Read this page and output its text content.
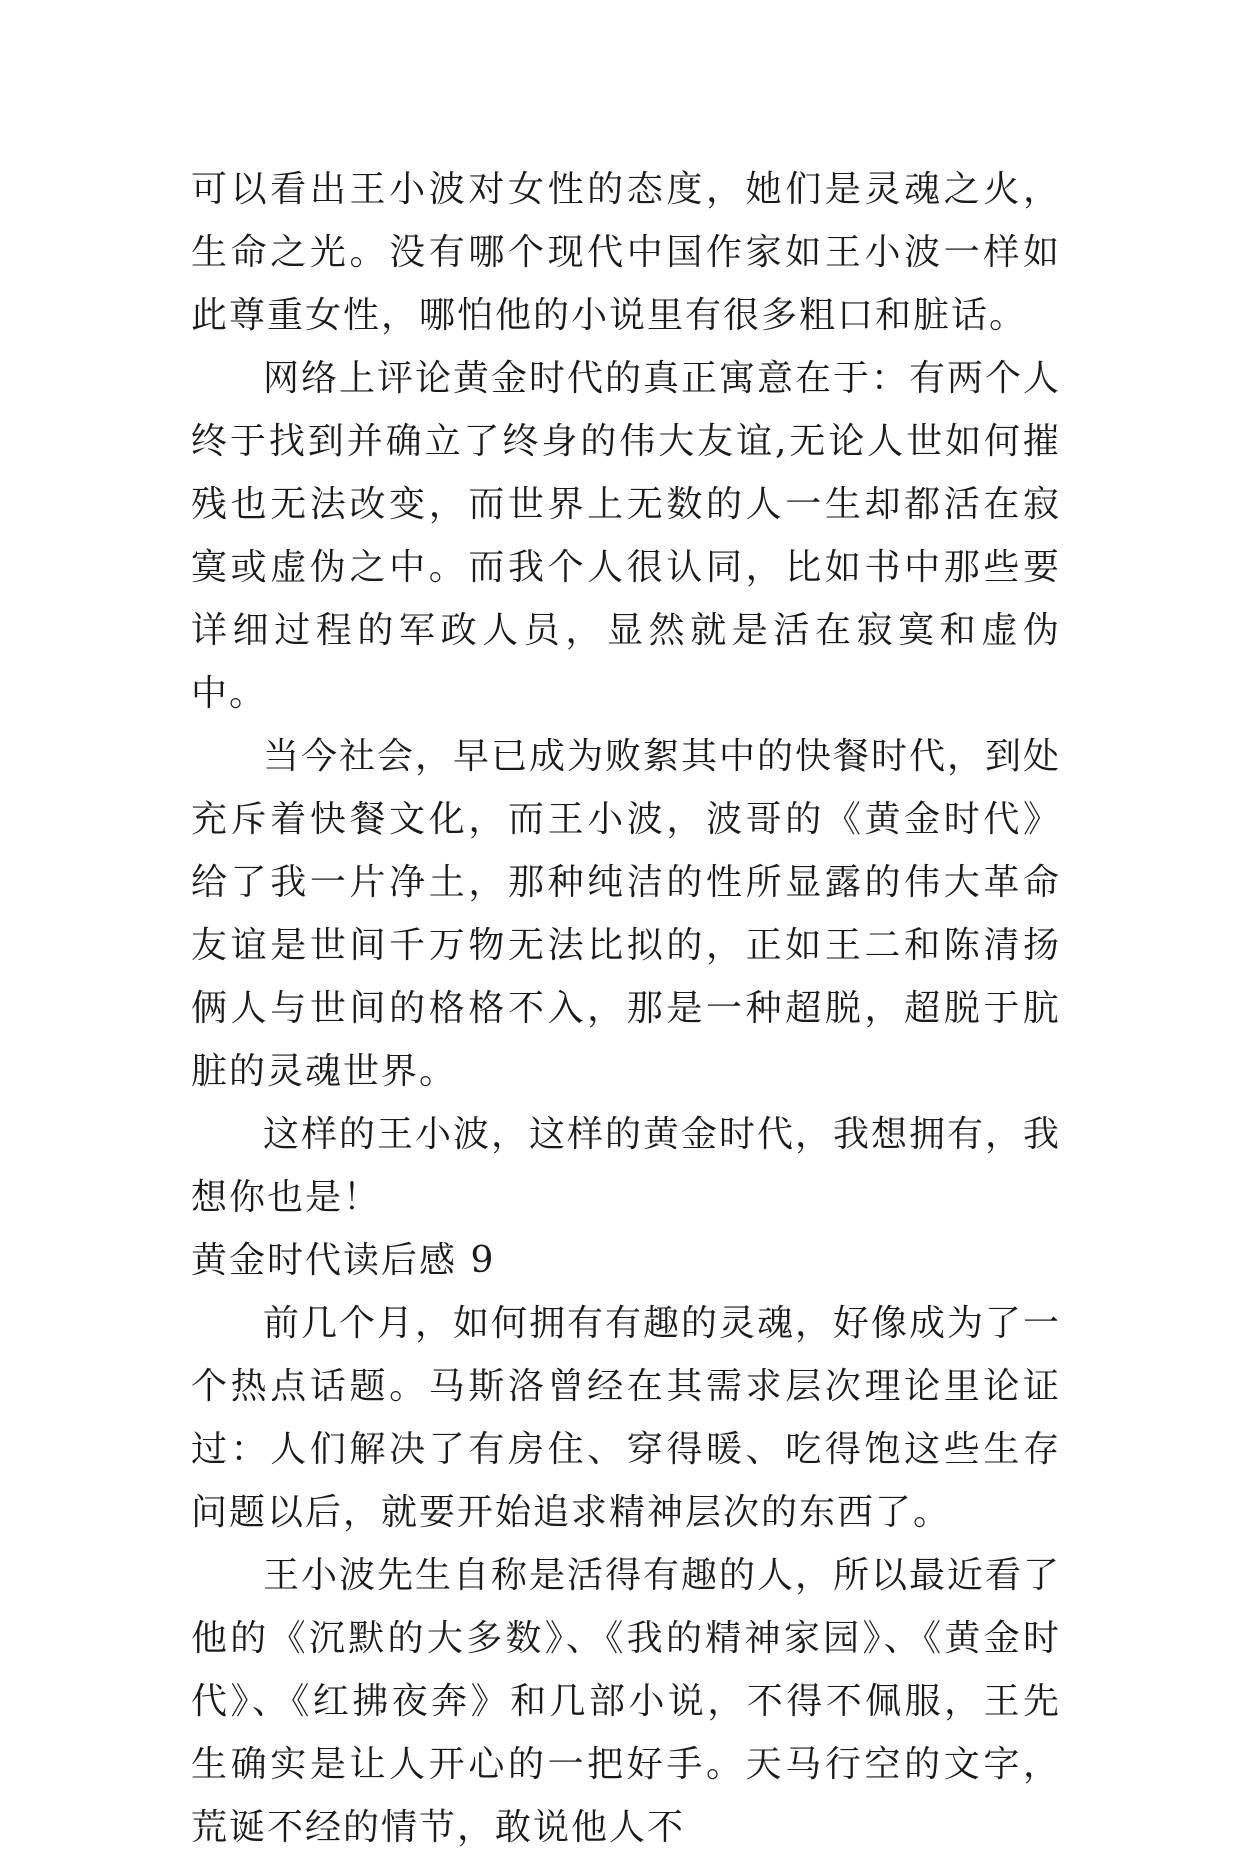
可以看出王小波对女性的态度，她们是灵魂之火，生命之光。没有哪个现代中国作家如王小波一样如此尊重女性，哪怕他的小说里有很多粗口和脏话。

网络上评论黄金时代的真正寓意在于：有两个人终于找到并确立了终身的伟大友谊,无论人世如何摧残也无法改变，而世界上无数的人一生却都活在寂寞或虚伪之中。而我个人很认同，比如书中那些要详细过程的军政人员，显然就是活在寂寞和虚伪中。

当今社会，早已成为败絮其中的快餐时代，到处充斥着快餐文化，而王小波，波哥的《黄金时代》给了我一片净土，那种纯洁的性所显露的伟大革命友谊是世间千万物无法比拟的，正如王二和陈清扬俩人与世间的格格不入，那是一种超脱，超脱于肮脏的灵魂世界。

这样的王小波，这样的黄金时代，我想拥有，我想你也是！

黄金时代读后感 9

前几个月，如何拥有有趣的灵魂，好像成为了一个热点话题。马斯洛曾经在其需求层次理论里论证过：人们解决了有房住、穿得暖、吃得饱这些生存问题以后，就要开始追求精神层次的东西了。

王小波先生自称是活得有趣的人，所以最近看了他的《沉默的大多数》、《我的精神家园》、《黄金时代》、《红拂夜奔》和几部小说，不得不佩服，王先生确实是让人开心的一把好手。天马行空的文字，荒诞不经的情节，敢说他人不
